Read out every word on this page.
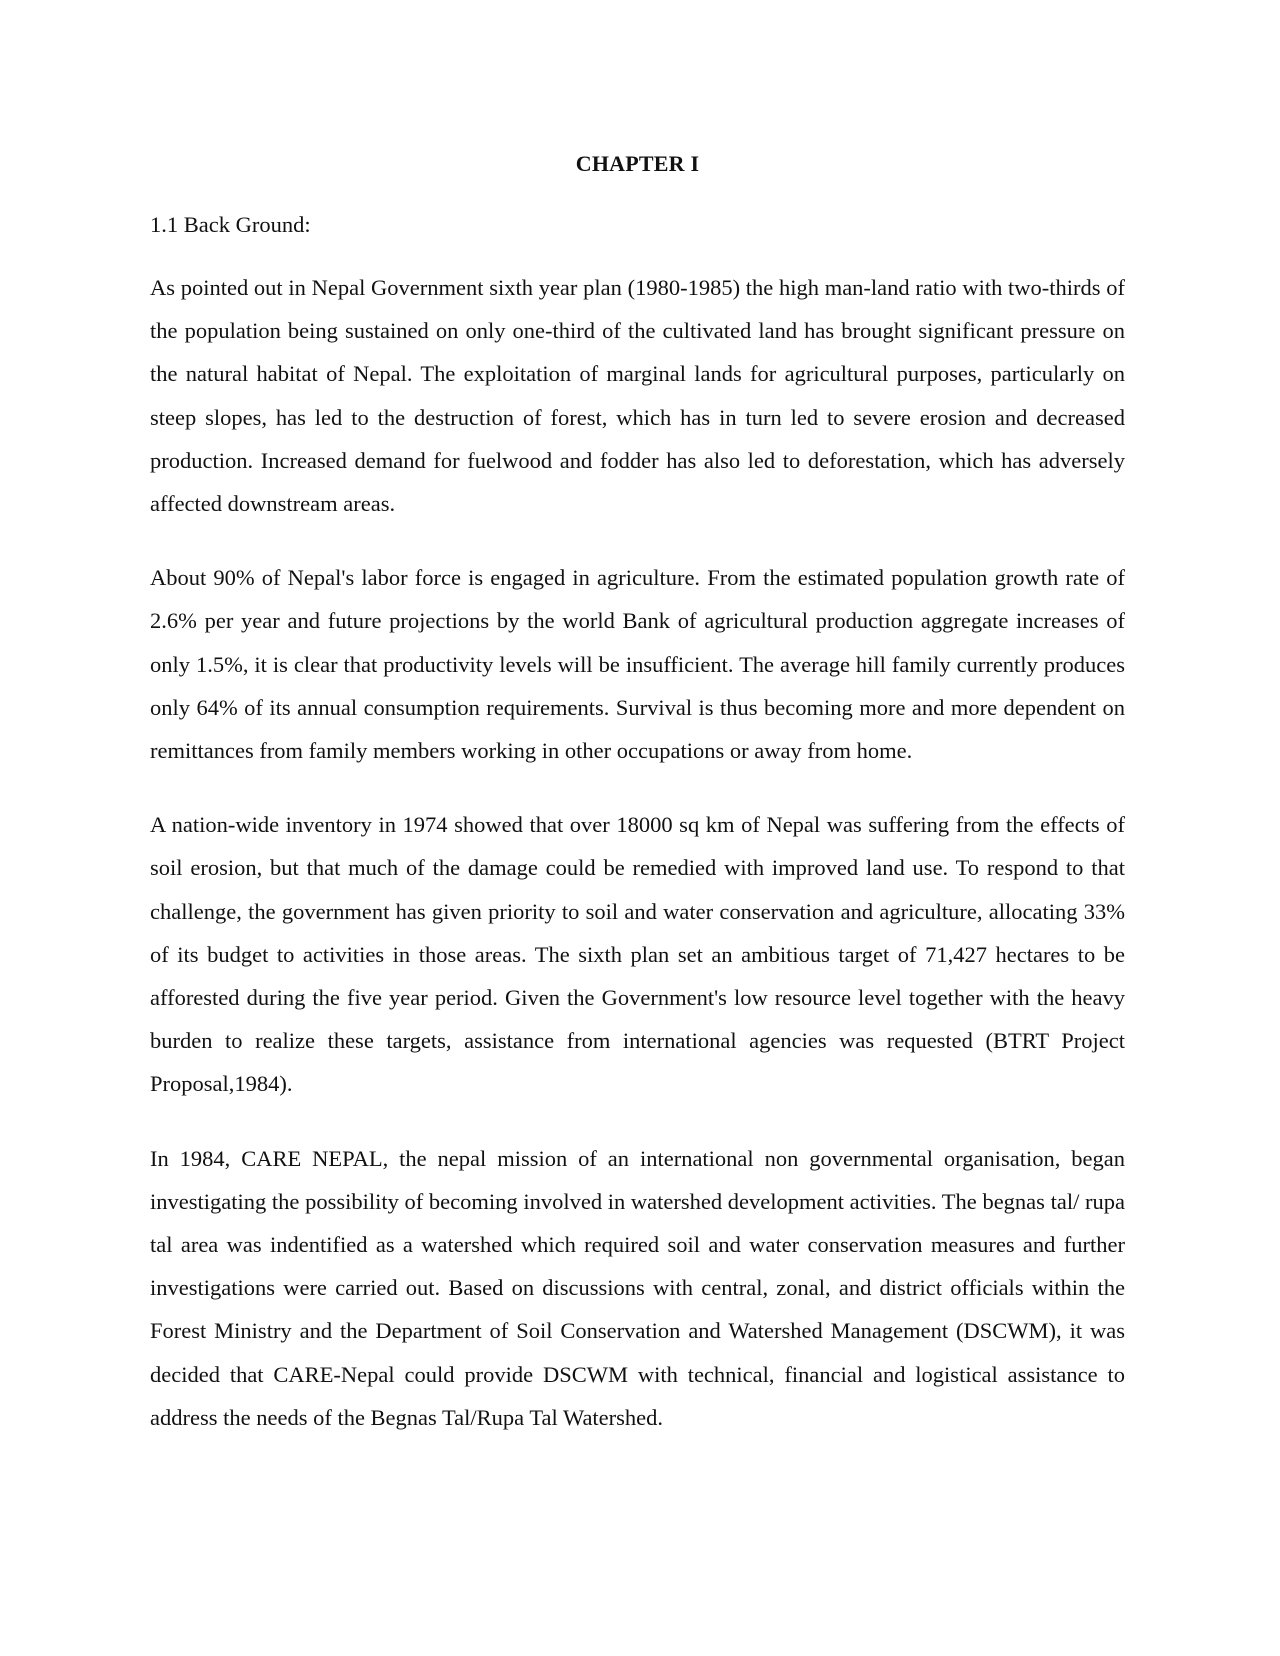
CHAPTER I
1.1 Back Ground:

As pointed out in Nepal Government sixth year plan (1980-1985) the high man-land ratio with two-thirds of the population being sustained on only one-third of the cultivated land has brought significant pressure on the natural habitat of Nepal. The exploitation of marginal lands for agricultural purposes, particularly on steep slopes, has led to the destruction of forest, which has in turn led to severe erosion and decreased production. Increased demand for fuelwood and fodder has also led to deforestation, which has adversely affected downstream areas.

About 90% of Nepal's labor force is engaged in agriculture. From the estimated population growth rate of 2.6% per year and future projections by the world Bank of agricultural production aggregate increases of only 1.5%, it is clear that productivity levels will be insufficient. The average hill family currently produces only 64% of its annual consumption requirements. Survival is thus becoming more and more dependent on remittances from family members working in other occupations or away from home.

A nation-wide inventory in 1974 showed that over 18000 sq km of Nepal was suffering from the effects of soil erosion, but that much of the damage could be remedied with improved land use. To respond to that challenge, the government has given priority to soil and water conservation and agriculture, allocating 33% of its budget to activities in those areas. The sixth plan set an ambitious target of 71,427 hectares to be afforested during the five year period. Given the Government's low resource level together with the heavy burden to realize these targets, assistance from international agencies was requested (BTRT Project Proposal,1984).

In 1984, CARE NEPAL, the nepal mission of an international non governmental organisation, began investigating the possibility of becoming involved in watershed development activities. The begnas tal/ rupa tal area was indentified as a watershed which required soil and water conservation measures and further investigations were carried out. Based on discussions with central, zonal, and district officials within the Forest Ministry and the Department of Soil Conservation and Watershed Management (DSCWM), it was decided that CARE-Nepal could provide DSCWM with technical, financial and logistical assistance to address the needs of the Begnas Tal/Rupa Tal Watershed.
